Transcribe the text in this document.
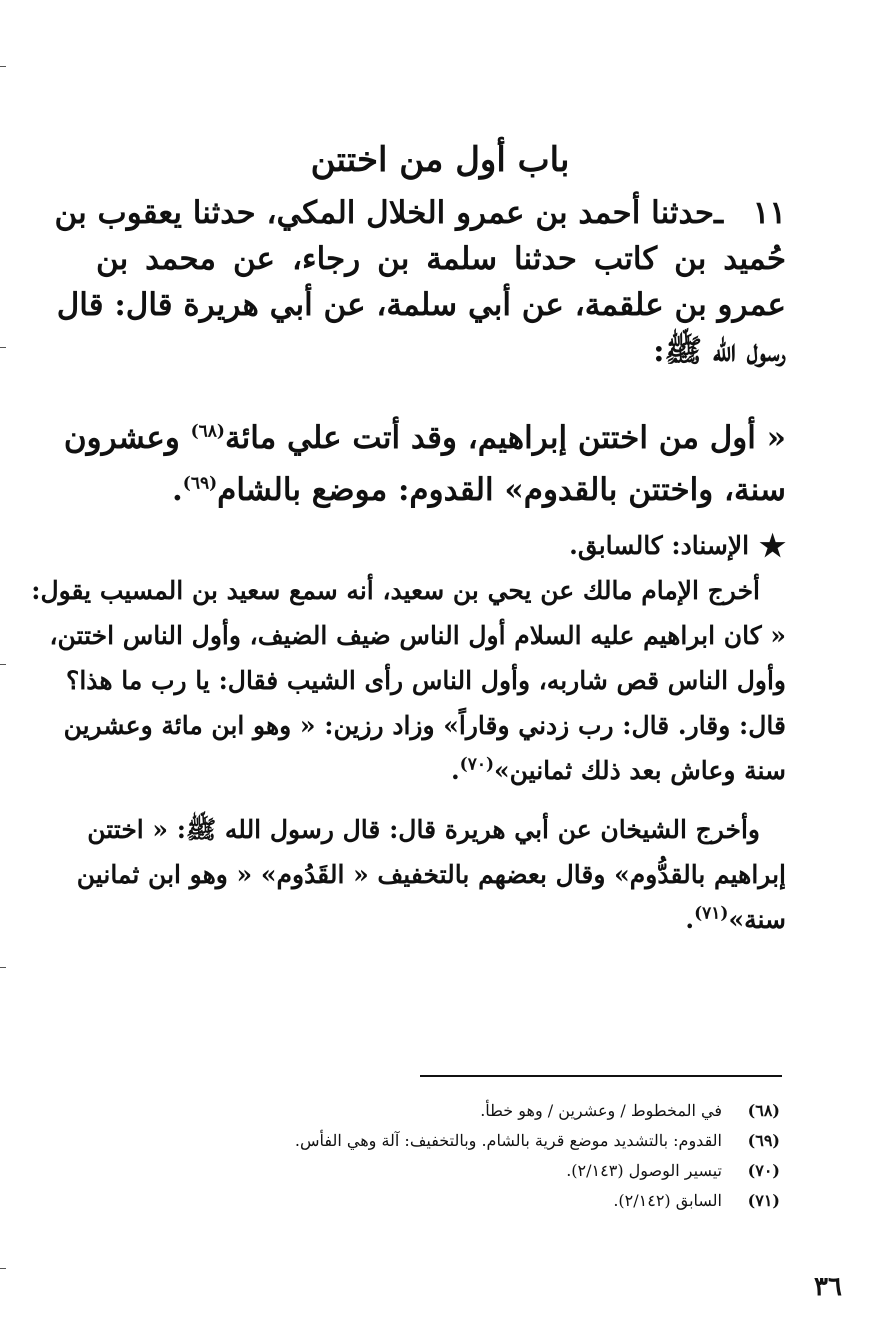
باب أول من اختتن
١١ ـحدثنا أحمد بن عمرو الخلال المكي، حدثنا يعقوب بن
حُميد بن كاتب حدثنا سلمة بن رجاء، عن محمد بن
عمرو بن علقمة، عن أبي سلمة، عن أبي هريرة قال: قال
رسول الله ﷺ:
« أول من اختتن إبراهيم، وقد أتت علي مائة$^{(٦٨)}$ وعشرون
سنة، واختتن بالقدوم» القدوم: موضع بالشام$^{(٦٩)}$.
★الإسناد: كالسابق.
أخرج الإمام مالك عن يحي بن سعيد، أنه سمع سعيد بن المسيب يقول:
« كان ابراهيم عليه السلام أول الناس ضيف الضيف، وأول الناس اختتن،
وأول الناس قص شاربه، وأول الناس رأى الشيب فقال: يا رب ما هذا؟
قال: وقار. قال: رب زدني وقاراً» وزاد رزين: « وهو ابن مائة وعشرين
سنة وعاش بعد ذلك ثمانين»$^{(٧٠)}$.
وأخرج الشيخان عن أبي هريرة قال: قال رسول الله ﷺ: « اختتن
إبراهيم بالقدُّوم» وقال بعضهم بالتخفيف « القَدُوم» « وهو ابن ثمانين
سنة»$^{(٧١)}$.
(٦٨)في المخطوط / وعشرين / وهو خطأ.
(٦٩)القدوم: بالتشديد موضع قرية بالشام. وبالتخفيف: آلة وهي الفأس.
(٧٠)تيسير الوصول (٢/١٤٣).
(٧١)السابق (٢/١٤٢).
٣٦
